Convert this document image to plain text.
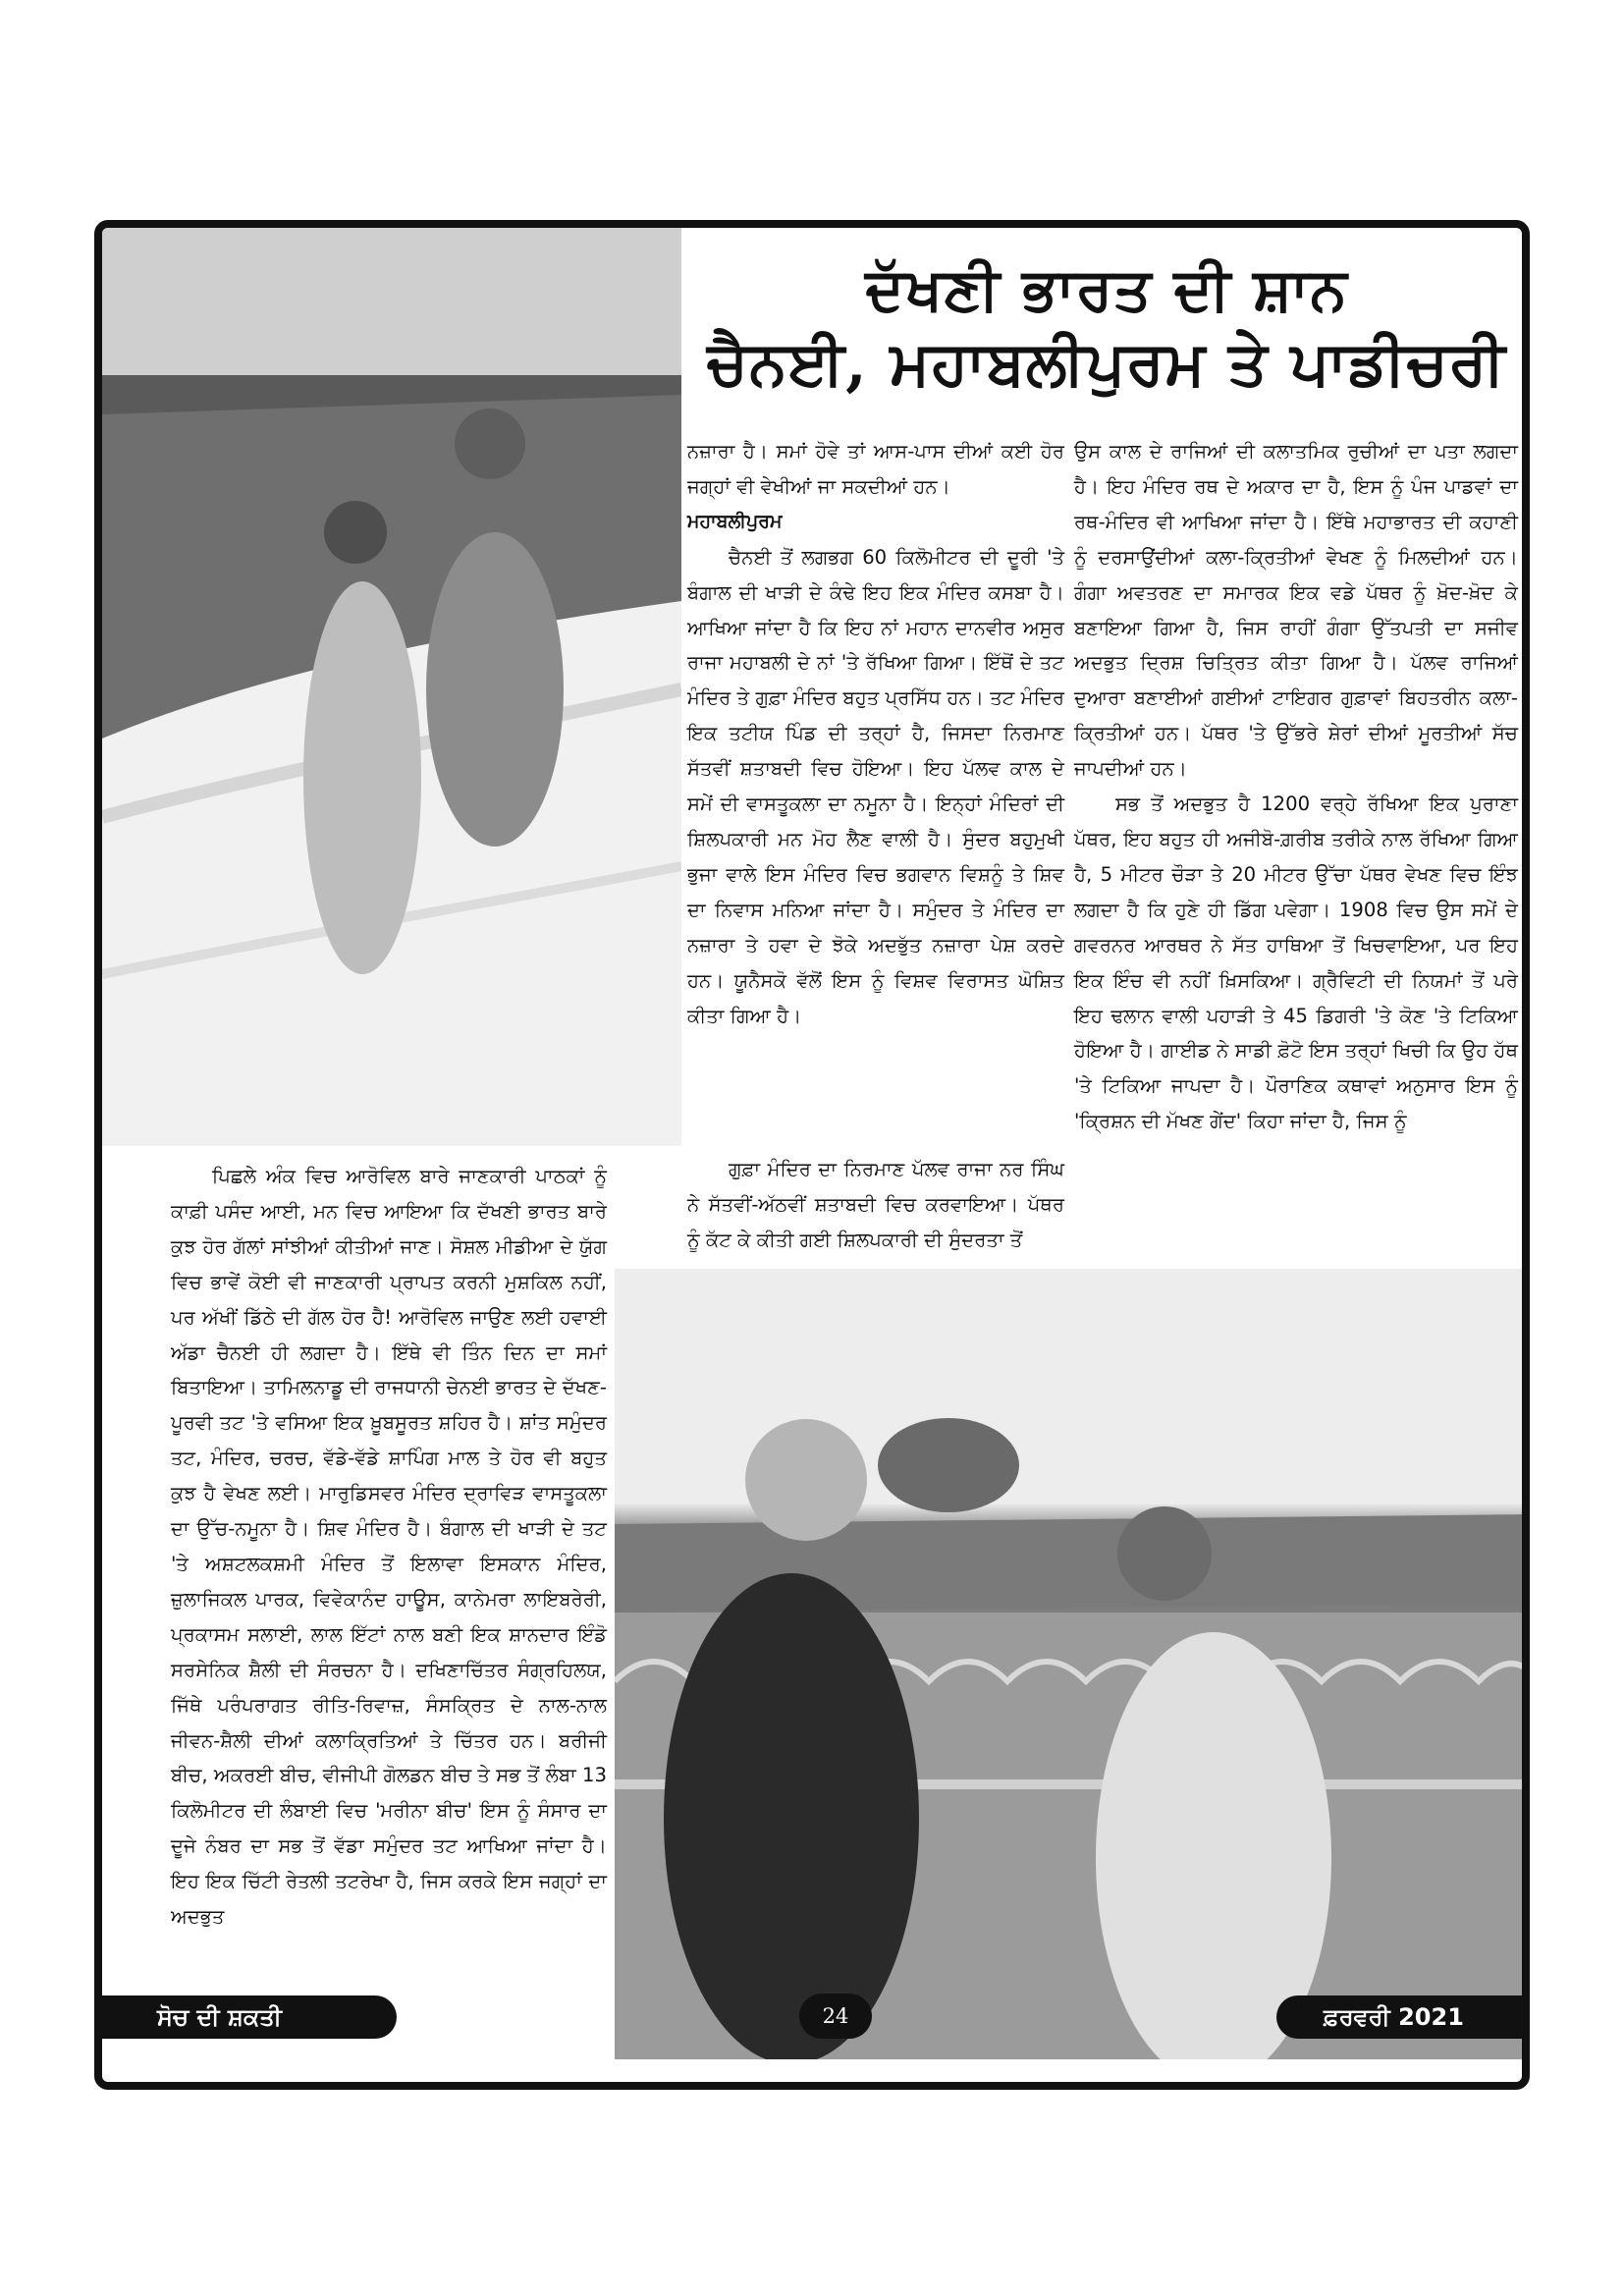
ਦੱਖਣੀ ਭਾਰਤ ਦੀ ਸ਼ਾਨ
ਚੈਨਈ, ਮਹਾਬਲੀਪੁਰਮ ਤੇ ਪਾਡੀਚਰੀ

ਨਜ਼ਾਰਾ ਹੈ। ਸਮਾਂ ਹੋਵੇ ਤਾਂ ਆਸ-ਪਾਸ ਦੀਆਂ ਕਈ ਹੋਰ ਜਗ੍ਹਾਂ ਵੀ ਵੇਖੀਆਂ ਜਾ ਸਕਦੀਆਂ ਹਨ।

ਮਹਾਬਲੀਪੁਰਮ

ਚੈਨਈ ਤੋਂ ਲਗਭਗ 60 ਕਿਲੋਮੀਟਰ ਦੀ ਦੂਰੀ 'ਤੇ ਬੰਗਾਲ ਦੀ ਖਾੜੀ ਦੇ ਕੰਢੇ ਇਹ ਇਕ ਮੰਦਿਰ ਕਸਬਾ ਹੈ। ਆਖਿਆ ਜਾਂਦਾ ਹੈ ਕਿ ਇਹ ਨਾਂ ਮਹਾਨ ਦਾਨਵੀਰ ਅਸੁਰ ਰਾਜਾ ਮਹਾਬਲੀ ਦੇ ਨਾਂ 'ਤੇ ਰੱਖਿਆ ਗਿਆ। ਇੱਥੋਂ ਦੇ ਤਟ ਮੰਦਿਰ ਤੇ ਗੁਫ਼ਾ ਮੰਦਿਰ ਬਹੁਤ ਪ੍ਰਸਿੱਧ ਹਨ। ਤਟ ਮੰਦਿਰ ਇਕ ਤਟੀਯ ਪਿੰਡ ਦੀ ਤਰ੍ਹਾਂ ਹੈ, ਜਿਸਦਾ ਨਿਰਮਾਣ ਸੱਤਵੀਂ ਸ਼ਤਾਬਦੀ ਵਿਚ ਹੋਇਆ। ਇਹ ਪੱਲਵ ਕਾਲ ਦੇ ਸਮੇਂ ਦੀ ਵਾਸਤੂਕਲਾ ਦਾ ਨਮੂਨਾ ਹੈ। ਇਨ੍ਹਾਂ ਮੰਦਿਰਾਂ ਦੀ ਸ਼ਿਲਪਕਾਰੀ ਮਨ ਮੋਹ ਲੈਣ ਵਾਲੀ ਹੈ। ਸੁੰਦਰ ਬਹੁਮੁਖੀ ਭੁਜਾ ਵਾਲੇ ਇਸ ਮੰਦਿਰ ਵਿਚ ਭਗਵਾਨ ਵਿਸ਼ਨੂੰ ਤੇ ਸ਼ਿਵ ਦਾ ਨਿਵਾਸ ਮਨਿਆ ਜਾਂਦਾ ਹੈ। ਸਮੁੰਦਰ ਤੇ ਮੰਦਿਰ ਦਾ ਨਜ਼ਾਰਾ ਤੇ ਹਵਾ ਦੇ ਝੋਕੇ ਅਦਭੁੱਤ ਨਜ਼ਾਰਾ ਪੇਸ਼ ਕਰਦੇ ਹਨ। ਯੂਨੈਸਕੋ ਵੱਲੋਂ ਇਸ ਨੂੰ ਵਿਸ਼ਵ ਵਿਰਾਸਤ ਘੋਸ਼ਿਤ ਕੀਤਾ ਗਿਆ ਹੈ।

ਉਸ ਕਾਲ ਦੇ ਰਾਜਿਆਂ ਦੀ ਕਲਾਤਮਿਕ ਰੁਚੀਆਂ ਦਾ ਪਤਾ ਲਗਦਾ ਹੈ। ਇਹ ਮੰਦਿਰ ਰਥ ਦੇ ਅਕਾਰ ਦਾ ਹੈ, ਇਸ ਨੂੰ ਪੰਜ ਪਾਡਵਾਂ ਦਾ ਰਥ-ਮੰਦਿਰ ਵੀ ਆਖਿਆ ਜਾਂਦਾ ਹੈ। ਇੱਥੇ ਮਹਾਭਾਰਤ ਦੀ ਕਹਾਣੀ ਨੂੰ ਦਰਸਾਉਂਦੀਆਂ ਕਲਾ-ਕ੍ਰਿਤੀਆਂ ਵੇਖਣ ਨੂੰ ਮਿਲਦੀਆਂ ਹਨ। ਗੰਗਾ ਅਵਤਰਣ ਦਾ ਸਮਾਰਕ ਇਕ ਵਡੇ ਪੱਥਰ ਨੂੰ ਖ਼ੋਦ-ਖ਼ੋਦ ਕੇ ਬਣਾਇਆ ਗਿਆ ਹੈ, ਜਿਸ ਰਾਹੀਂ ਗੰਗਾ ਉੱਤਪਤੀ ਦਾ ਸਜੀਵ ਅਦਭੁਤ ਦ੍ਰਿਸ਼ ਚਿਤ੍ਰਿਤ ਕੀਤਾ ਗਿਆ ਹੈ। ਪੱਲਵ ਰਾਜਿਆਂ ਦੁਆਰਾ ਬਣਾਈਆਂ ਗਈਆਂ ਟਾਇਗਰ ਗੁਫ਼ਾਵਾਂ ਬਿਹਤਰੀਨ ਕਲਾ-ਕ੍ਰਿਤੀਆਂ ਹਨ। ਪੱਥਰ 'ਤੇ ਉੱਭਰੇ ਸ਼ੇਰਾਂ ਦੀਆਂ ਮੂਰਤੀਆਂ ਸੱਚ ਜਾਪਦੀਆਂ ਹਨ।

ਸਭ ਤੋਂ ਅਦਭੁਤ ਹੈ 1200 ਵਰ੍ਹੇ ਰੱਖਿਆ ਇਕ ਪੁਰਾਣਾ ਪੱਥਰ, ਇਹ ਬਹੁਤ ਹੀ ਅਜੀਬੋ-ਗ਼ਰੀਬ ਤਰੀਕੇ ਨਾਲ ਰੱਖਿਆ ਗਿਆ ਹੈ, 5 ਮੀਟਰ ਚੌੜਾ ਤੇ 20 ਮੀਟਰ ਉੱਚਾ ਪੱਥਰ ਵੇਖਣ ਵਿਚ ਇੰਝ ਲਗਦਾ ਹੈ ਕਿ ਹੁਣੇ ਹੀ ਡਿੱਗ ਪਵੇਗਾ। 1908 ਵਿਚ ਉਸ ਸਮੇਂ ਦੇ ਗਵਰਨਰ ਆਰਥਰ ਨੇ ਸੱਤ ਹਾਥਿਆ ਤੋਂ ਖਿਚਵਾਇਆ, ਪਰ ਇਹ ਇਕ ਇੰਚ ਵੀ ਨਹੀਂ ਖ਼ਿਸਕਿਆ। ਗ੍ਰੈਵਿਟੀ ਦੀ ਨਿਯਮਾਂ ਤੋਂ ਪਰੇ ਇਹ ਢਲਾਨ ਵਾਲੀ ਪਹਾੜੀ ਤੇ 45 ਡਿਗਰੀ 'ਤੇ ਕੋਣ 'ਤੇ ਟਿਕਿਆ ਹੋਇਆ ਹੈ। ਗਾਈਡ ਨੇ ਸਾਡੀ ਫ਼ੋਟੋ ਇਸ ਤਰ੍ਹਾਂ ਖਿਚੀ ਕਿ ਉਹ ਹੱਥ 'ਤੇ ਟਿਕਿਆ ਜਾਪਦਾ ਹੈ। ਪੌਰਾਣਿਕ ਕਥਾਵਾਂ ਅਨੁਸਾਰ ਇਸ ਨੂੰ 'ਕ੍ਰਿਸ਼ਨ ਦੀ ਮੱਖਣ ਗੇਂਦ' ਕਿਹਾ ਜਾਂਦਾ ਹੈ, ਜਿਸ ਨੂੰ

ਗੁਫ਼ਾ ਮੰਦਿਰ ਦਾ ਨਿਰਮਾਣ ਪੱਲਵ ਰਾਜਾ ਨਰ ਸਿੰਘ ਨੇ ਸੱਤਵੀਂ-ਅੱਠਵੀਂ ਸ਼ਤਾਬਦੀ ਵਿਚ ਕਰਵਾਇਆ। ਪੱਥਰ ਨੂੰ ਕੱਟ ਕੇ ਕੀਤੀ ਗਈ ਸ਼ਿਲਪਕਾਰੀ ਦੀ ਸੁੰਦਰਤਾ ਤੋਂ

ਪਿਛਲੇ ਅੰਕ ਵਿਚ ਆਰੋਵਿਲ ਬਾਰੇ ਜਾਣਕਾਰੀ ਪਾਠਕਾਂ ਨੂੰ ਕਾਫ਼ੀ ਪਸੰਦ ਆਈ, ਮਨ ਵਿਚ ਆਇਆ ਕਿ ਦੱਖਣੀ ਭਾਰਤ ਬਾਰੇ ਕੁਝ ਹੋਰ ਗੱਲਾਂ ਸਾਂਝੀਆਂ ਕੀਤੀਆਂ ਜਾਣ। ਸੋਸ਼ਲ ਮੀਡੀਆ ਦੇ ਯੁੱਗ ਵਿਚ ਭਾਵੇਂ ਕੋਈ ਵੀ ਜਾਣਕਾਰੀ ਪ੍ਰਾਪਤ ਕਰਨੀ ਮੁਸ਼ਕਿਲ ਨਹੀਂ, ਪਰ ਅੱਖੀਂ ਡਿੱਠੇ ਦੀ ਗੱਲ ਹੋਰ ਹੈ! ਆਰੋਵਿਲ ਜਾਉਣ ਲਈ ਹਵਾਈ ਅੱਡਾ ਚੈਨਈ ਹੀ ਲਗਦਾ ਹੈ। ਇੱਥੇ ਵੀ ਤਿੰਨ ਦਿਨ ਦਾ ਸਮਾਂ ਬਿਤਾਇਆ। ਤਾਮਿਲਨਾਡੂ ਦੀ ਰਾਜਧਾਨੀ ਚੇਨਈ ਭਾਰਤ ਦੇ ਦੱਖਣ-ਪੂਰਵੀ ਤਟ 'ਤੇ ਵਸਿਆ ਇਕ ਖ਼ੂਬਸੂਰਤ ਸ਼ਹਿਰ ਹੈ। ਸ਼ਾਂਤ ਸਮੁੰਦਰ ਤਟ, ਮੰਦਿਰ, ਚਰਚ, ਵੱਡੇ-ਵੱਡੇ ਸ਼ਾਪਿੰਗ ਮਾਲ ਤੇ ਹੋਰ ਵੀ ਬਹੁਤ ਕੁਝ ਹੈ ਵੇਖਣ ਲਈ। ਮਾਰੁਡਿਸਵਰ ਮੰਦਿਰ ਦ੍ਰਾਵਿੜ ਵਾਸਤੂਕਲਾ ਦਾ ਉੱਚ-ਨਮੂਨਾ ਹੈ। ਸ਼ਿਵ ਮੰਦਿਰ ਹੈ। ਬੰਗਾਲ ਦੀ ਖਾੜੀ ਦੇ ਤਟ 'ਤੇ ਅਸ਼ਟਲਕਸ਼ਮੀ ਮੰਦਿਰ ਤੋਂ ਇਲਾਵਾ ਇਸਕਾਨ ਮੰਦਿਰ, ਜ਼ੁਲਾਜਿਕਲ ਪਾਰਕ, ਵਿਵੇਕਾਨੰਦ ਹਾਊਸ, ਕਾਨੇਮਰਾ ਲਾਇਬਰੇਰੀ, ਪ੍ਰਕਾਸਮ ਸਲਾਈ, ਲਾਲ ਇੱਟਾਂ ਨਾਲ ਬਣੀ ਇਕ ਸ਼ਾਨਦਾਰ ਇੰਡੋ ਸਰਸੇਨਿਕ ਸ਼ੈਲੀ ਦੀ ਸੰਰਚਨਾ ਹੈ। ਦਖਿਣਾਚਿੱਤਰ ਸੰਗ੍ਰਹਿਲਯ, ਜਿੱਥੇ ਪਰੰਪਰਾਗਤ ਰੀਤਿ-ਰਿਵਾਜ਼, ਸੰਸਕ੍ਰਿਤ ਦੇ ਨਾਲ-ਨਾਲ ਜੀਵਨ-ਸ਼ੈਲੀ ਦੀਆਂ ਕਲਾਕ੍ਰਿਤਿਆਂ ਤੇ ਚਿੱਤਰ ਹਨ। ਬਰੀਜੀ ਬੀਚ, ਅਕਰਈ ਬੀਚ, ਵੀਜੀਪੀ ਗੋਲਡਨ ਬੀਚ ਤੇ ਸਭ ਤੋਂ ਲੰਬਾ 13 ਕਿਲੋਮੀਟਰ ਦੀ ਲੰਬਾਈ ਵਿਚ 'ਮਰੀਨਾ ਬੀਚ' ਇਸ ਨੂੰ ਸੰਸਾਰ ਦਾ ਦੂਜੇ ਨੰਬਰ ਦਾ ਸਭ ਤੋਂ ਵੱਡਾ ਸਮੁੰਦਰ ਤਟ ਆਖਿਆ ਜਾਂਦਾ ਹੈ। ਇਹ ਇਕ ਚਿੱਟੀ ਰੇਤਲੀ ਤਟਰੇਖਾ ਹੈ, ਜਿਸ ਕਰਕੇ ਇਸ ਜਗ੍ਹਾਂ ਦਾ ਅਦਭੁਤ

ਸੋਚ ਦੀ ਸ਼ਕਤੀ	24	ਫ਼ਰਵਰੀ 2021
